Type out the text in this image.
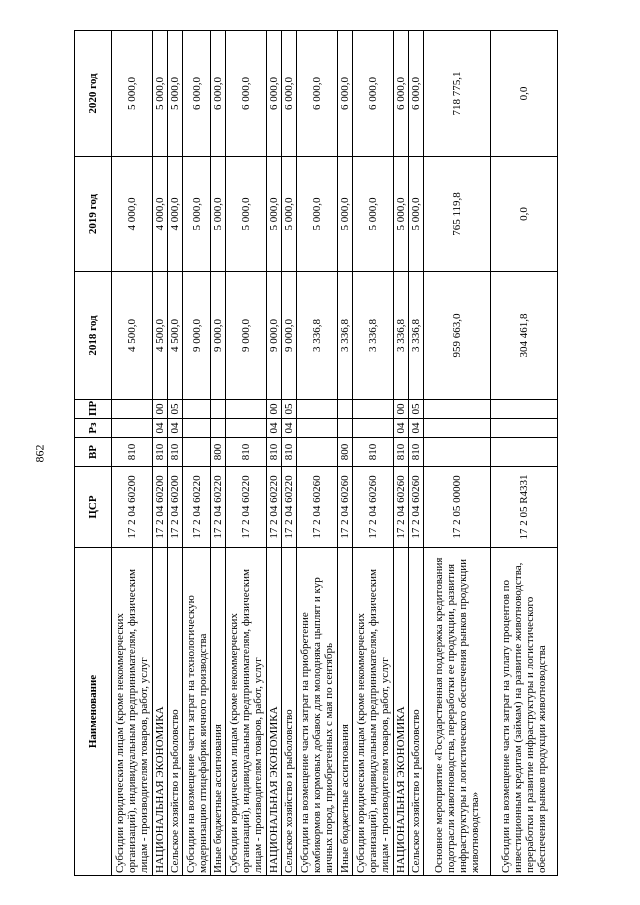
862
Наименование	ЦСР	ВР	Рз	ПР	2018 год	2019 год	2020 год
Субсидии юридическим лицам (кроме некоммерческих организаций), индивидуальным предпринимателям, физическим лицам - производителям товаров, работ, услуг	17 2 04 60200	810			4 500,0	4 000,0	5 000,0
НАЦИОНАЛЬНАЯ ЭКОНОМИКА	17 2 04 60200	810	04	00	4 500,0	4 000,0	5 000,0
Сельское хозяйство и рыболовство	17 2 04 60200	810	04	05	4 500,0	4 000,0	5 000,0
Субсидии на возмещение части затрат на технологическую модернизацию птицефабрик яичного производства	17 2 04 60220				9 000,0	5 000,0	6 000,0
Иные бюджетные ассигнования	17 2 04 60220	800			9 000,0	5 000,0	6 000,0
Субсидии юридическим лицам (кроме некоммерческих организаций), индивидуальным предпринимателям, физическим лицам - производителям товаров, работ, услуг	17 2 04 60220	810			9 000,0	5 000,0	6 000,0
НАЦИОНАЛЬНАЯ ЭКОНОМИКА	17 2 04 60220	810	04	00	9 000,0	5 000,0	6 000,0
Сельское хозяйство и рыболовство	17 2 04 60220	810	04	05	9 000,0	5 000,0	6 000,0
Субсидии на возмещение части затрат на приобретение комбикормов и кормовых добавок для молодняка цыплят и кур яичных пород, приобретенных с мая по сентябрь	17 2 04 60260				3 336,8	5 000,0	6 000,0
Иные бюджетные ассигнования	17 2 04 60260	800			3 336,8	5 000,0	6 000,0
Субсидии юридическим лицам (кроме некоммерческих организаций), индивидуальным предпринимателям, физическим лицам - производителям товаров, работ, услуг	17 2 04 60260	810			3 336,8	5 000,0	6 000,0
НАЦИОНАЛЬНАЯ ЭКОНОМИКА	17 2 04 60260	810	04	00	3 336,8	5 000,0	6 000,0
Сельское хозяйство и рыболовство	17 2 04 60260	810	04	05	3 336,8	5 000,0	6 000,0
Основное мероприятие «Государственная поддержка кредитования подотрасли животноводства, переработки ее продукции, развития инфраструктуры и логистического обеспечения рынков продукции животноводства»	17 2 05 00000				959 663,0	765 119,8	718 775,1
Субсидии на возмещение части затрат на уплату процентов по инвестиционным кредитам (займам) на развитие животноводства, переработки и развитие инфраструктуры и логистического обеспечения рынков продукции животноводства	17 2 05 R4331				304 461,8	0,0	0,0
